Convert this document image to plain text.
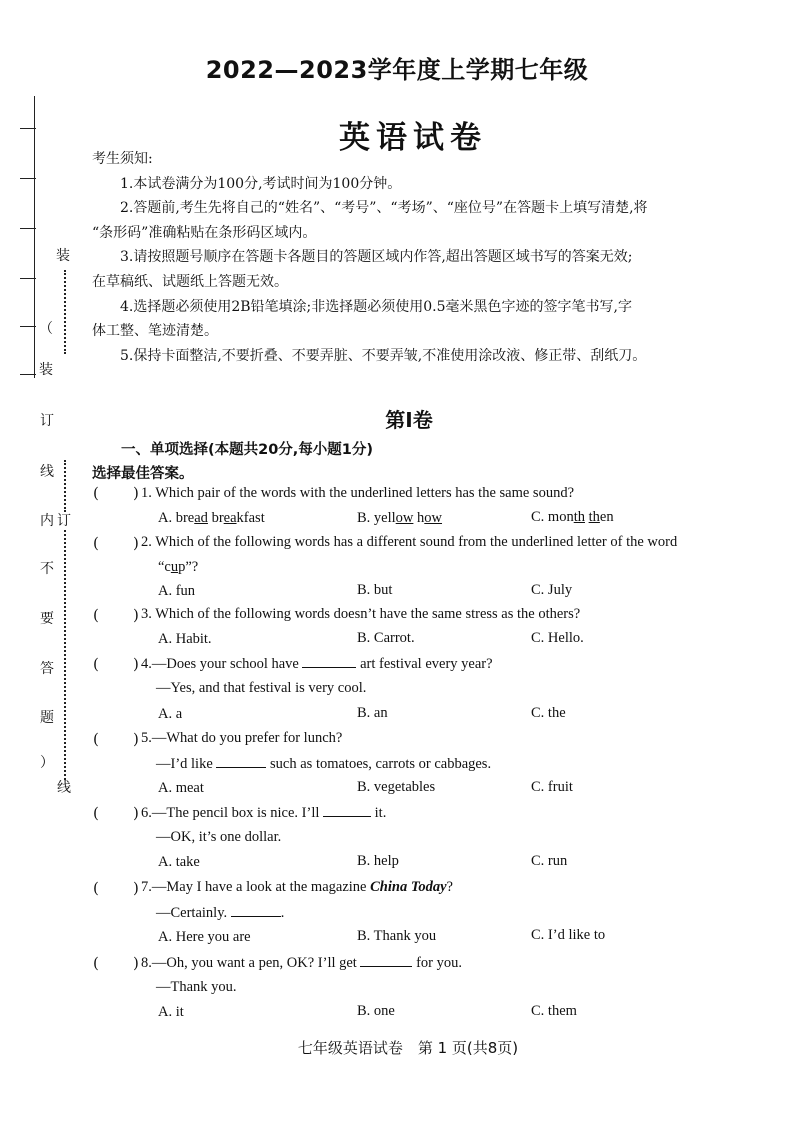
装
（
订
线
内
不
要
答
题
）
装
订
线
2022—2023学年度上学期七年级
英语试卷
考生须知:
1.本试卷满分为100分,考试时间为100分钟。
2.答题前,考生先将自己的“姓名”、“考号”、“考场”、“座位号”在答题卡上填写清楚,将
“条形码”准确粘贴在条形码区域内。
3.请按照题号顺序在答题卡各题目的答题区域内作答,超出答题区域书写的答案无效;
在草稿纸、试题纸上答题无效。
4.选择题必须使用2B铅笔填涂;非选择题必须使用0.5毫米黑色字迹的签字笔书写,字
体工整、笔迹清楚。
5.保持卡面整洁,不要折叠、不要弄脏、不要弄皱,不准使用涂改液、修正带、刮纸刀。
第Ⅰ卷
一、单项选择(本题共20分,每小题1分)
选择最佳答案。
( ) 1. Which pair of the words with the underlined letters has the same sound?
A. bread breakfast	B. yellow how	C. month then
( ) 2. Which of the following words has a different sound from the underlined letter of the word
“cup”?
A. fun	B. but	C. July
( ) 3. Which of the following words doesn’t have the same stress as the others?
A. Habit.	B. Carrot.	C. Hello.
( ) 4.—Does your school have	art festival every year?
—Yes, and that festival is very cool.
A. a	B. an	C. the
( ) 5.—What do you prefer for lunch?
—I’d like	such as tomatoes, carrots or cabbages.
A. meat	B. vegetables	C. fruit
( ) 6.—The pencil box is nice. I’ll	it.
—OK, it’s one dollar.
A. take	B. help	C. run
( ) 7.—May I have a look at the magazine China Today?
—Certainly.	.
A. Here you are	B. Thank you	C. I’d like to
( ) 8.—Oh, you want a pen, OK? I’ll get	for you.
—Thank you.
A. it	B. one	C. them
七年级英语试卷　第 1 页(共8页)
